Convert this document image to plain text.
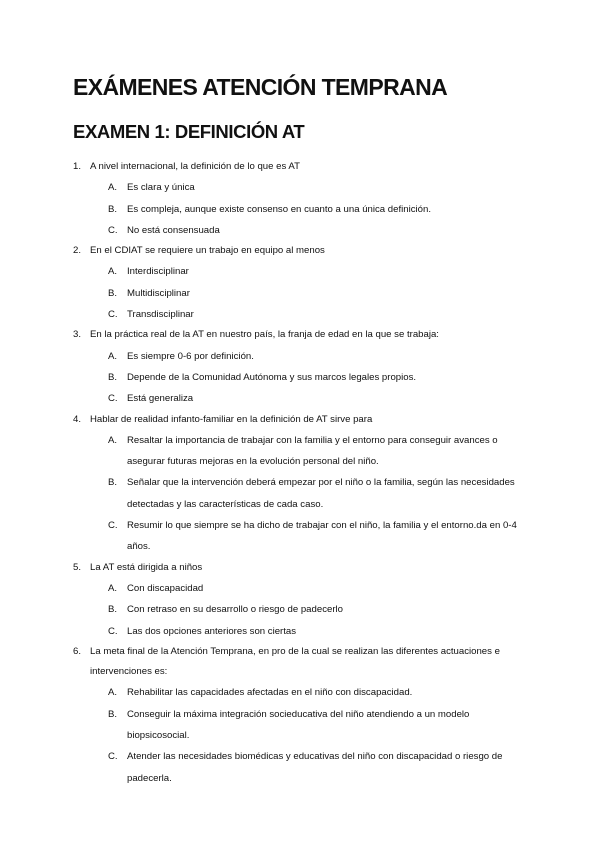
EXÁMENES ATENCIÓN TEMPRANA
EXAMEN 1: DEFINICIÓN AT
1. A nivel internacional, la definición de lo que es AT
A. Es clara y única
B. Es compleja, aunque existe consenso en cuanto a una única definición.
C. No está consensuada
2. En el CDIAT se requiere un trabajo en equipo al menos
A. Interdisciplinar
B. Multidisciplinar
C. Transdisciplinar
3. En la práctica real de la AT en nuestro país, la franja de edad en la que se trabaja:
A. Es siempre 0-6 por definición.
B. Depende de la Comunidad Autónoma y sus marcos legales propios.
C. Está generaliza
4. Hablar de realidad infanto-familiar en la definición de AT sirve para
A. Resaltar la importancia de trabajar con la familia y el entorno para conseguir avances o asegurar futuras mejoras en la evolución personal del niño.
B. Señalar que la intervención deberá empezar por el niño o la familia, según las necesidades detectadas y las características de cada caso.
C. Resumir lo que siempre se ha dicho de trabajar con el niño, la familia y el entorno.da en 0-4 años.
5. La AT está dirigida a niños
A. Con discapacidad
B. Con retraso en su desarrollo o riesgo de padecerlo
C. Las dos opciones anteriores son ciertas
6. La meta final de la Atención Temprana, en pro de la cual se realizan las diferentes actuaciones e intervenciones es:
A. Rehabilitar las capacidades afectadas en el niño con discapacidad.
B. Conseguir la máxima integración socieducativa del niño atendiendo a un modelo biopsicosocial.
C. Atender las necesidades biomédicas y educativas del niño con discapacidad o riesgo de padecerla.
